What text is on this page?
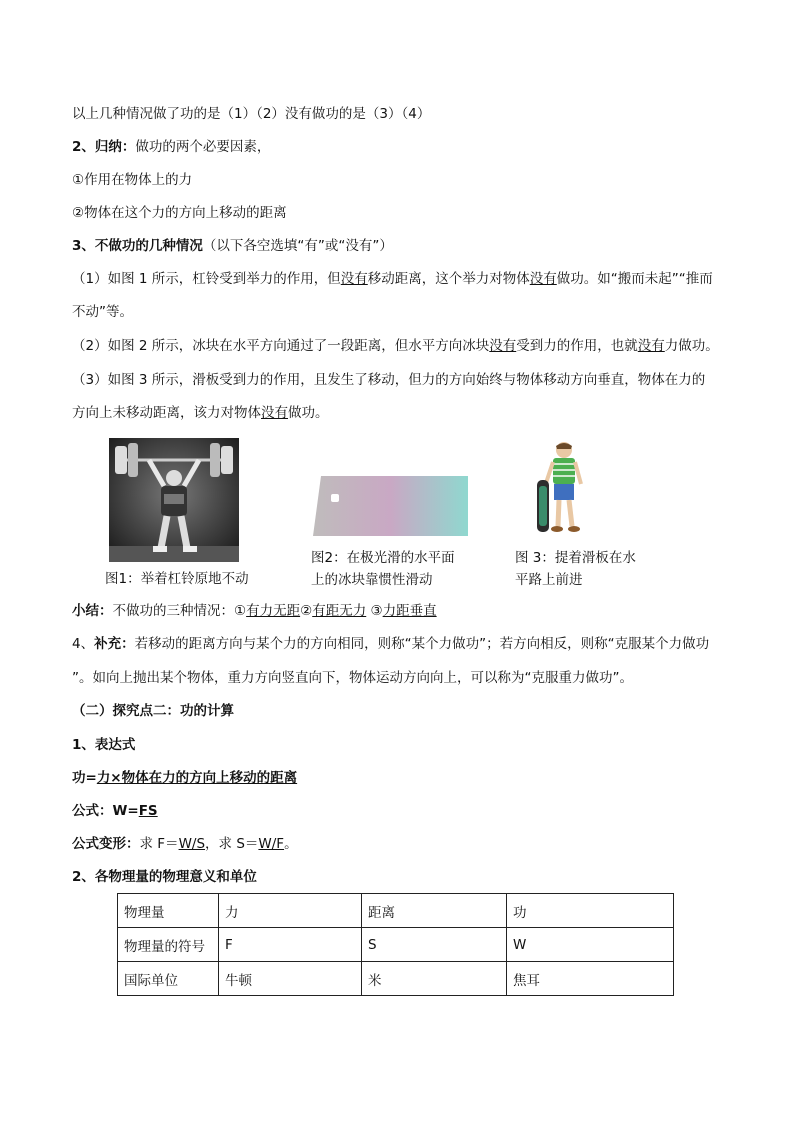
以上几种情况做了功的是（1）（2）没有做功的是（3）（4）
2、归纳：做功的两个必要因素，
①作用在物体上的力
②物体在这个力的方向上移动的距离
3、不做功的几种情况（以下各空选填“有”或“没有”）
（1）如图 1 所示，杠铃受到举力的作用，但没有移动距离，这个举力对物体没有做功。如“搬而未起”“推而
不动”等。
（2）如图 2 所示，冰块在水平方向通过了一段距离，但水平方向冰块没有受到力的作用，也就没有力做功。
（3）如图 3 所示，滑板受到力的作用，且发生了移动，但力的方向始终与物体移动方向垂直，物体在力的
方向上未移动距离，该力对物体没有做功。
图1：举着杠铃原地不动
图2：在极光滑的水平面
上的冰块靠惯性滑动
图 3：提着滑板在水
平路上前进
小结：不做功的三种情况：①有力无距②有距无力 ③力距垂直
4、补充：若移动的距离方向与某个力的方向相同，则称“某个力做功”；若方向相反，则称“克服某个力做功
”。如向上抛出某个物体，重力方向竖直向下，物体运动方向向上，可以称为“克服重力做功”。
（二）探究点二：功的计算
1、表达式
功=力×物体在力的方向上移动的距离
公式：W=FS
公式变形：求 F＝W/S，求 S＝W/F。
2、各物理量的物理意义和单位
物理量	力	距离	功
物理量的符号	F	S	W
国际单位	牛顿	米	焦耳
